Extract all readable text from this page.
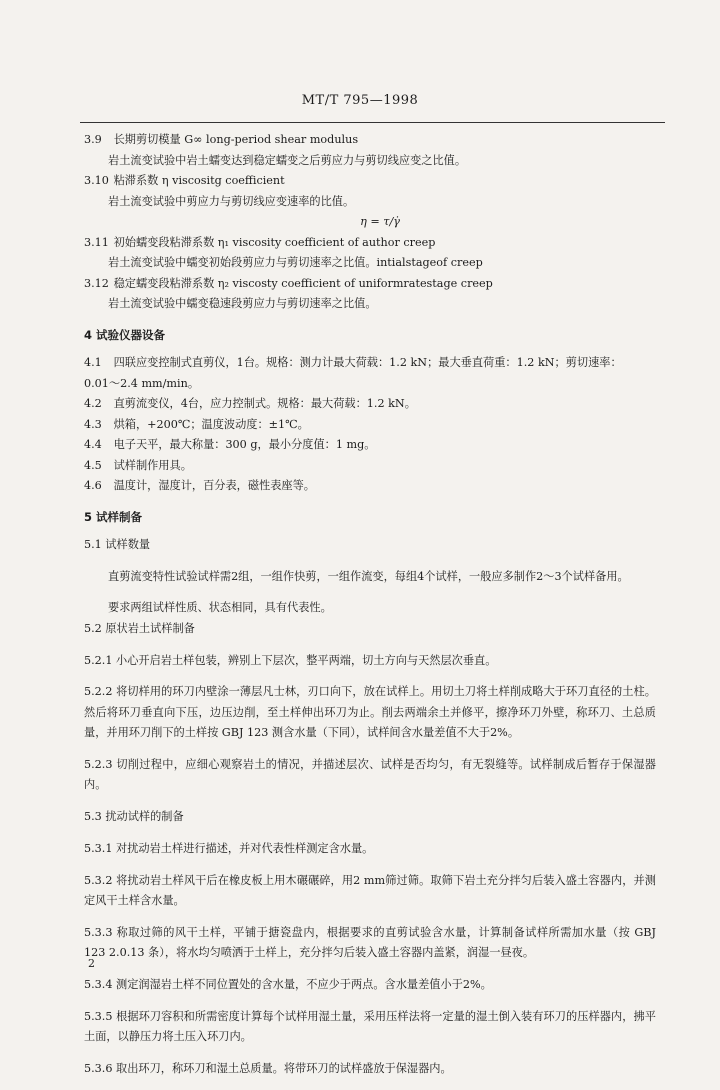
MT/T 795—1998

3.9 长期剪切模量 G∞ long-period shear modulus

岩土流变试验中岩土蠕变达到稳定蠕变之后剪应力与剪切线应变之比值。

3.10 粘滞系数 η viscositg coefficient

岩土流变试验中剪应力与剪切线应变速率的比值。

η = τ/γ̇

3.11 初始蠕变段粘滞系数 η₁ viscosity coefficient of author creep

岩土流变试验中蠕变初始段剪应力与剪切速率之比值。intialstageof creep

3.12 稳定蠕变段粘滞系数 η₂ viscosty coefficient of uniformratestage creep

岩土流变试验中蠕变稳速段剪应力与剪切速率之比值。

4 试验仪器设备

4.1 四联应变控制式直剪仪，1台。规格：测力计最大荷载：1.2 kN；最大垂直荷重：1.2 kN；剪切速率：

0.01～2.4 mm/min。

4.2 直剪流变仪，4台，应力控制式。规格：最大荷载：1.2 kN。

4.3 烘箱，+200℃；温度波动度：±1℃。

4.4 电子天平，最大称量：300 g，最小分度值：1 mg。

4.5 试样制作用具。

4.6 温度计，湿度计，百分表，磁性表座等。

5 试样制备

5.1 试样数量

直剪流变特性试验试样需2组，一组作快剪，一组作流变，每组4个试样，一般应多制作2～3个试样备用。

要求两组试样性质、状态相同，具有代表性。

5.2 原状岩土试样制备

5.2.1 小心开启岩土样包装，辨别上下层次，整平两端，切土方向与天然层次垂直。

5.2.2 将切样用的环刀内壁涂一薄层凡士林，刃口向下，放在试样上。用切土刀将土样削成略大于环刀直径的土柱。然后将环刀垂直向下压，边压边削，至土样伸出环刀为止。削去两端余土并修平，擦净环刀外壁，称环刀、土总质量，并用环刀削下的土样按 GBJ 123 测含水量（下同），试样间含水量差值不大于2%。

5.2.3 切削过程中，应细心观察岩土的情况，并描述层次、试样是否均匀，有无裂缝等。试样制成后暂存于保湿器内。

5.3 扰动试样的制备

5.3.1 对扰动岩土样进行描述，并对代表性样测定含水量。

5.3.2 将扰动岩土样风干后在橡皮板上用木碾碾碎，用2 mm筛过筛。取筛下岩土充分拌匀后装入盛土容器内，并测定风干土样含水量。

5.3.3 称取过筛的风干土样，平铺于搪瓷盘内，根据要求的直剪试验含水量，计算制备试样所需加水量（按 GBJ 123 2.0.13 条），将水均匀喷洒于土样上，充分拌匀后装入盛土容器内盖紧，润湿一昼夜。

5.3.4 测定润湿岩土样不同位置处的含水量，不应少于两点。含水量差值小于2%。

5.3.5 根据环刀容积和所需密度计算每个试样用湿土量，采用压样法将一定量的湿土倒入装有环刀的压样器内，拂平土面，以静压力将土压入环刀内。

5.3.6 取出环刀，称环刀和湿土总质量。将带环刀的试样盛放于保湿器内。

2
